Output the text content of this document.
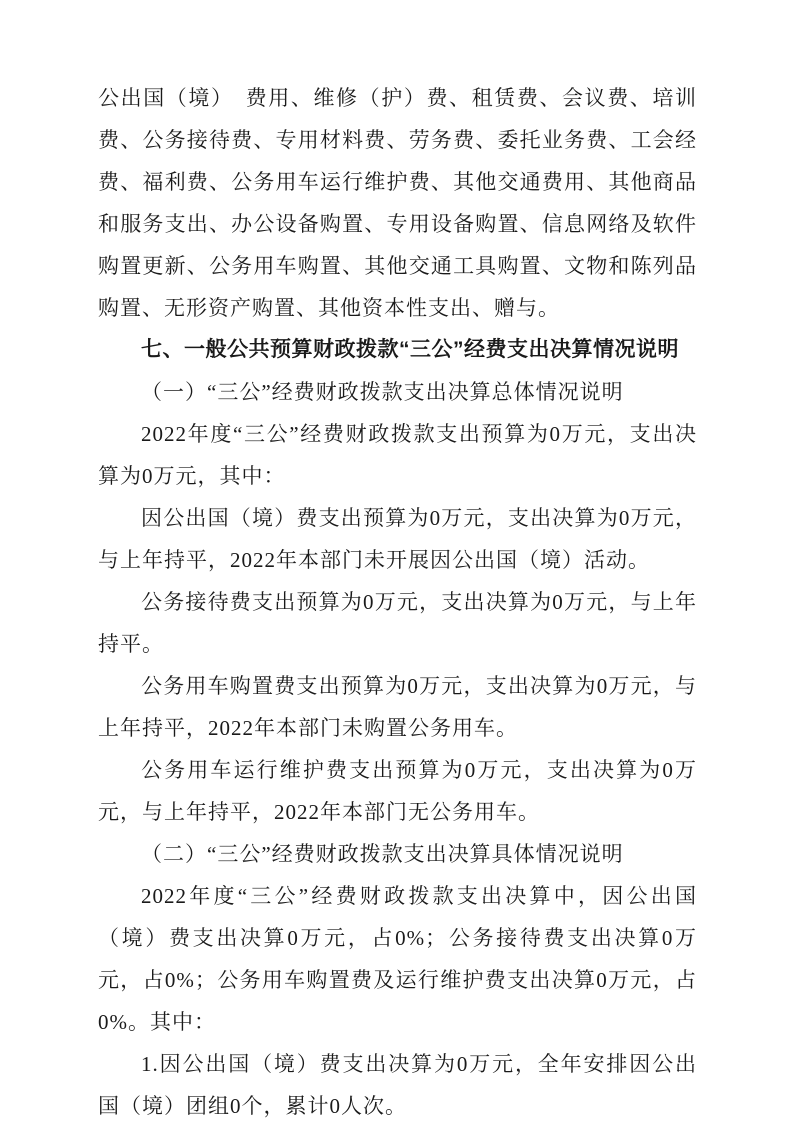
公出国（境）　费用、维修（护）费、租赁费、会议费、培训费、公务接待费、专用材料费、劳务费、委托业务费、工会经费、福利费、公务用车运行维护费、其他交通费用、其他商品和服务支出、办公设备购置、专用设备购置、信息网络及软件购置更新、公务用车购置、其他交通工具购置、文物和陈列品购置、无形资产购置、其他资本性支出、赠与。

七、一般公共预算财政拨款“三公”经费支出决算情况说明

（一）“三公”经费财政拨款支出决算总体情况说明

2022年度“三公”经费财政拨款支出预算为0万元，支出决算为0万元，其中：

因公出国（境）费支出预算为0万元，支出决算为0万元，与上年持平，2022年本部门未开展因公出国（境）活动。

公务接待费支出预算为0万元，支出决算为0万元，与上年持平。

公务用车购置费支出预算为0万元，支出决算为0万元，与上年持平，2022年本部门未购置公务用车。

公务用车运行维护费支出预算为0万元，支出决算为0万元，与上年持平，2022年本部门无公务用车。

（二）“三公”经费财政拨款支出决算具体情况说明

2022年度“三公”经费财政拨款支出决算中，因公出国（境）费支出决算0万元，占0%；公务接待费支出决算0万元，占0%；公务用车购置费及运行维护费支出决算0万元，占0%。其中：

1.因公出国（境）费支出决算为0万元，全年安排因公出国（境）团组0个，累计0人次。
